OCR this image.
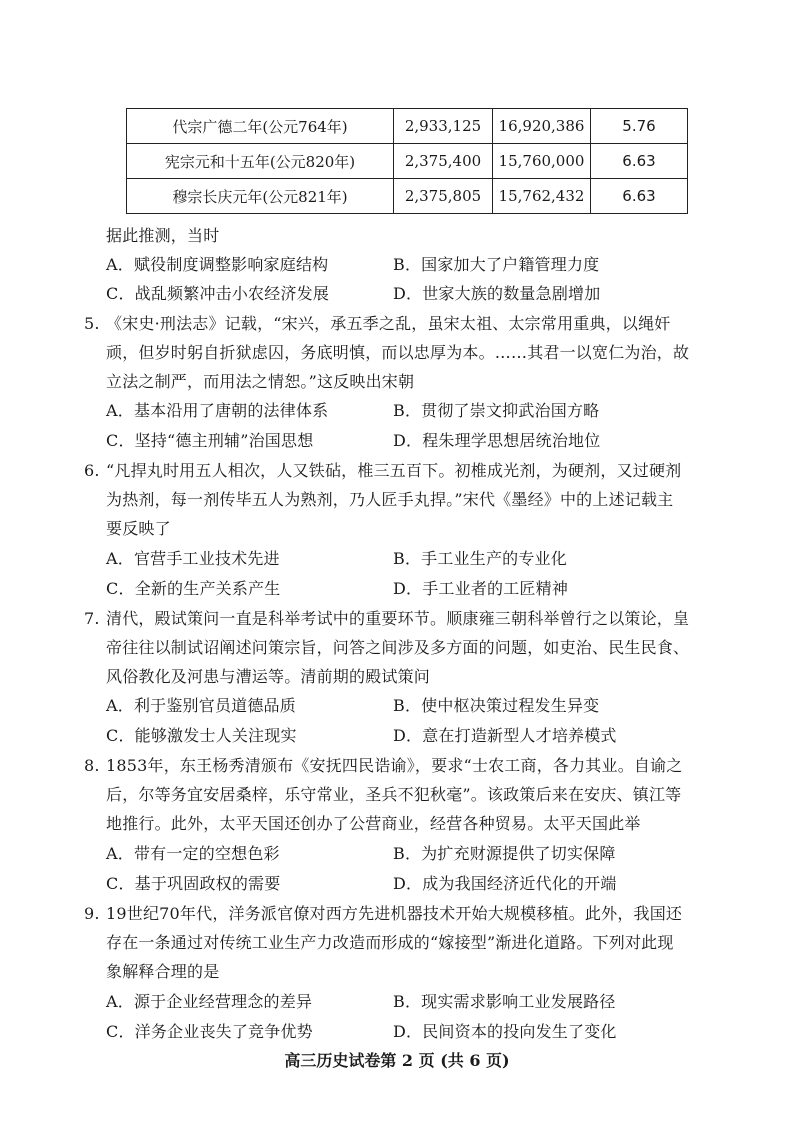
代宗广德二年(公元764年)	2,933,125	16,920,386	5.76
宪宗元和十五年(公元820年)	2,375,400	15,760,000	6.63
穆宗长庆元年(公元821年)	2,375,805	15,762,432	6.63
据此推测，当时
A．赋役制度调整影响家庭结构	B．国家加大了户籍管理力度
C．战乱频繁冲击小农经济发展	D．世家大族的数量急剧增加
5. 《宋史·刑法志》记载，“宋兴，承五季之乱，虽宋太祖、太宗常用重典，以绳奸
顽，但岁时躬自折狱虑囚，务底明慎，而以忠厚为本。……其君一以宽仁为治，故
立法之制严，而用法之情恕。”这反映出宋朝
A．基本沿用了唐朝的法律体系	B．贯彻了崇文抑武治国方略
C．坚持“德主刑辅”治国思想	D．程朱理学思想居统治地位
6. “凡捍丸时用五人相次，人又铁砧，椎三五百下。初椎成光剂，为硬剂，又过硬剂
为热剂，每一剂传毕五人为熟剂，乃人匠手丸捍。”宋代《墨经》中的上述记载主
要反映了
A．官营手工业技术先进	B．手工业生产的专业化
C．全新的生产关系产生	D．手工业者的工匠精神
7. 清代，殿试策问一直是科举考试中的重要环节。顺康雍三朝科举曾行之以策论，皇
帝往往以制试诏阐述问策宗旨，问答之间涉及多方面的问题，如吏治、民生民食、
风俗教化及河患与漕运等。清前期的殿试策问
A．利于鉴别官员道德品质	B．使中枢决策过程发生异变
C．能够激发士人关注现实	D．意在打造新型人才培养模式
8. 1853年，东王杨秀清颁布《安抚四民诰谕》，要求“士农工商，各力其业。自谕之
后，尔等务宜安居桑梓，乐守常业，圣兵不犯秋毫”。该政策后来在安庆、镇江等
地推行。此外，太平天国还创办了公营商业，经营各种贸易。太平天国此举
A．带有一定的空想色彩	B．为扩充财源提供了切实保障
C．基于巩固政权的需要	D．成为我国经济近代化的开端
9. 19世纪70年代，洋务派官僚对西方先进机器技术开始大规模移植。此外，我国还
存在一条通过对传统工业生产力改造而形成的“嫁接型”渐进化道路。下列对此现
象解释合理的是
A．源于企业经营理念的差异	B．现实需求影响工业发展路径
C．洋务企业丧失了竞争优势	D．民间资本的投向发生了变化
高三历史试卷第 2 页 (共 6 页)
